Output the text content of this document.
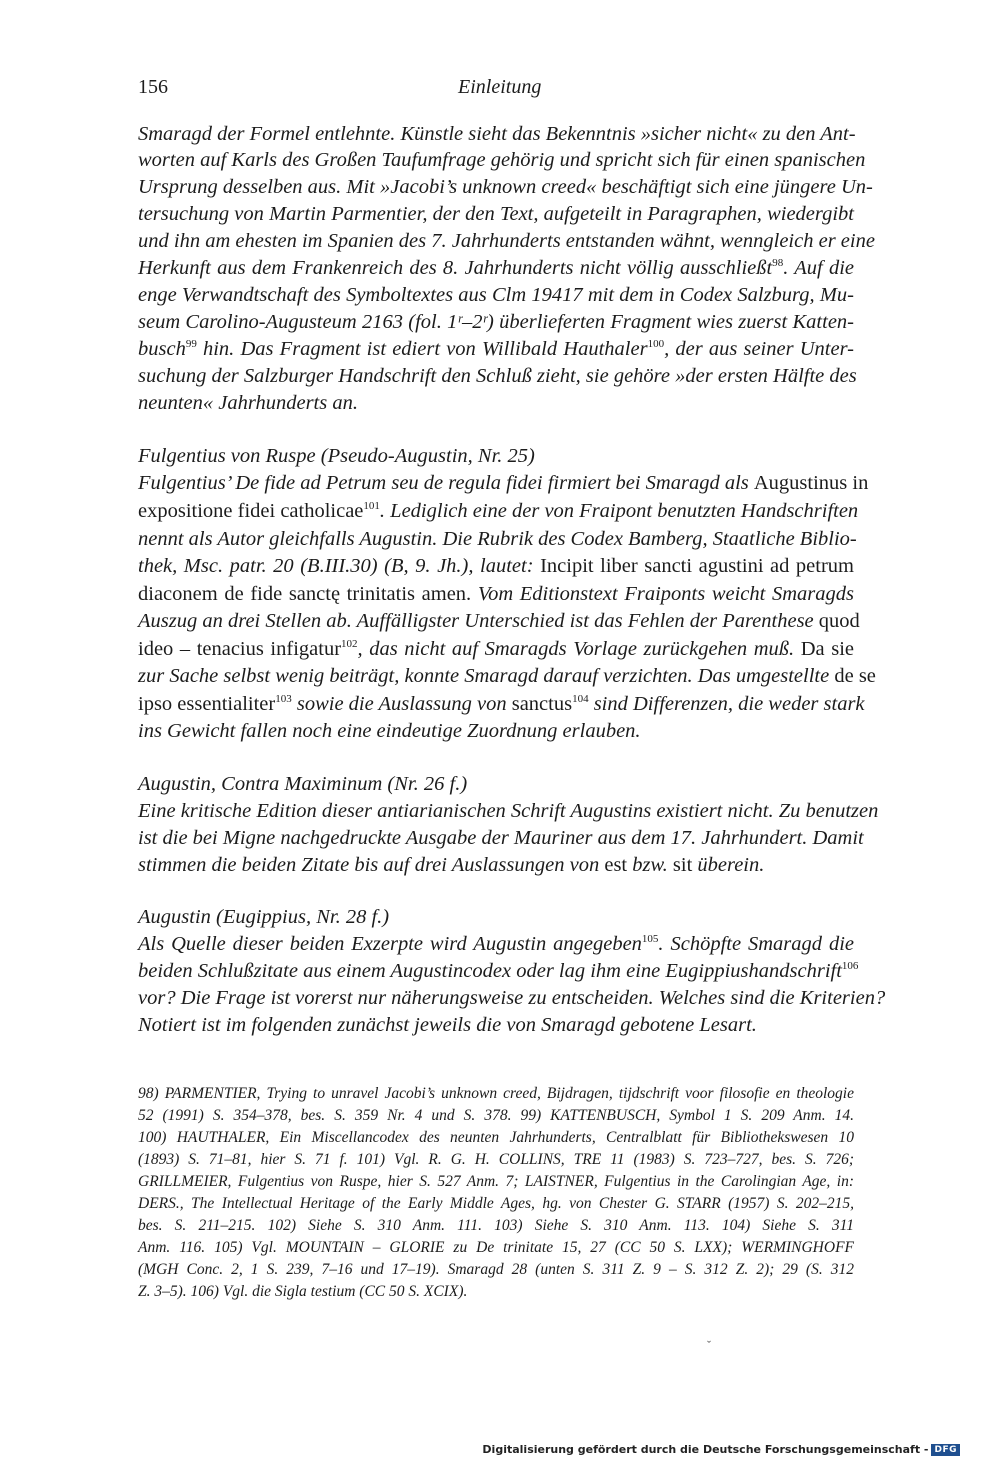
156	Einleitung
Smaragd der Formel entlehnte. Künstle sieht das Bekenntnis »sicher nicht« zu den Ant-
worten auf Karls des Großen Taufumfrage gehörig und spricht sich für einen spanischen
Ursprung desselben aus. Mit »Jacobi’s unknown creed« beschäftigt sich eine jüngere Un-
tersuchung von Martin Parmentier, der den Text, aufgeteilt in Paragraphen, wiedergibt
und ihn am ehesten im Spanien des 7. Jahrhunderts entstanden wähnt, wenngleich er eine
Herkunft aus dem Frankenreich des 8. Jahrhunderts nicht völlig ausschließt$^{98}$. Auf die
enge Verwandtschaft des Symboltextes aus Clm 19417 mit dem in Codex Salzburg, Mu-
seum Carolino-Augusteum 2163 (fol. 1ʳ–2ʳ) überlieferten Fragment wies zuerst Katten-
busch$^{99}$ hin. Das Fragment ist ediert von Willibald Hauthaler$^{100}$, der aus seiner Unter-
suchung der Salzburger Handschrift den Schluß zieht, sie gehöre »der ersten Hälfte des
neunten« Jahrhunderts an.
Fulgentius von Ruspe (Pseudo-Augustin, Nr. 25)
Fulgentius’ De fide ad Petrum seu de regula fidei firmiert bei Smaragd als Augustinus in
expositione fidei catholicae$^{101}$. Lediglich eine der von Fraipont benutzten Handschriften
nennt als Autor gleichfalls Augustin. Die Rubrik des Codex Bamberg, Staatliche Biblio-
thek, Msc. patr. 20 (B.III.30) (B, 9. Jh.), lautet: Incipit liber sancti agustini ad petrum
diaconem de fide sanctę trinitatis amen. Vom Editionstext Fraiponts weicht Smaragds
Auszug an drei Stellen ab. Auffälligster Unterschied ist das Fehlen der Parenthese quod
ideo – tenacius infigatur$^{102}$, das nicht auf Smaragds Vorlage zurückgehen muß. Da sie
zur Sache selbst wenig beiträgt, konnte Smaragd darauf verzichten. Das umgestellte de se
ipso essentialiter$^{103}$ sowie die Auslassung von sanctus$^{104}$ sind Differenzen, die weder stark
ins Gewicht fallen noch eine eindeutige Zuordnung erlauben.
Augustin, Contra Maximinum (Nr. 26 f.)
Eine kritische Edition dieser antiarianischen Schrift Augustins existiert nicht. Zu benutzen
ist die bei Migne nachgedruckte Ausgabe der Mauriner aus dem 17. Jahrhundert. Damit
stimmen die beiden Zitate bis auf drei Auslassungen von est bzw. sit überein.
Augustin (Eugippius, Nr. 28 f.)
Als Quelle dieser beiden Exzerpte wird Augustin angegeben$^{105}$. Schöpfte Smaragd die
beiden Schlußzitate aus einem Augustincodex oder lag ihm eine Eugippiushandschrift$^{106}$
vor? Die Frage ist vorerst nur näherungsweise zu entscheiden. Welches sind die Kriterien?
Notiert ist im folgenden zunächst jeweils die von Smaragd gebotene Lesart.
98) PARMENTIER, Trying to unravel Jacobi’s unknown creed, Bijdragen, tijdschrift voor filosofie en theologie
52 (1991) S. 354–378, bes. S. 359 Nr. 4 und S. 378. 99) KATTENBUSCH, Symbol 1 S. 209 Anm. 14.
100) HAUTHALER, Ein Miscellancodex des neunten Jahrhunderts, Centralblatt für Bibliothekswesen 10
(1893) S. 71–81, hier S. 71 f. 101) Vgl. R. G. H. COLLINS, TRE 11 (1983) S. 723–727, bes. S. 726;
GRILLMEIER, Fulgentius von Ruspe, hier S. 527 Anm. 7; LAISTNER, Fulgentius in the Carolingian Age, in:
DERS., The Intellectual Heritage of the Early Middle Ages, hg. von Chester G. STARR (1957) S. 202–215,
bes. S. 211–215. 102) Siehe S. 310 Anm. 111. 103) Siehe S. 310 Anm. 113. 104) Siehe S. 311
Anm. 116. 105) Vgl. MOUNTAIN – GLORIE zu De trinitate 15, 27 (CC 50 S. LXX); WERMINGHOFF
(MGH Conc. 2, 1 S. 239, 7–16 und 17–19). Smaragd 28 (unten S. 311 Z. 9 – S. 312 Z. 2); 29 (S. 312
Z. 3–5). 106) Vgl. die Sigla testium (CC 50 S. XCIX).
ˇ
Digitalisierung gefördert durch die Deutsche Forschungsgemeinschaft - DFG
